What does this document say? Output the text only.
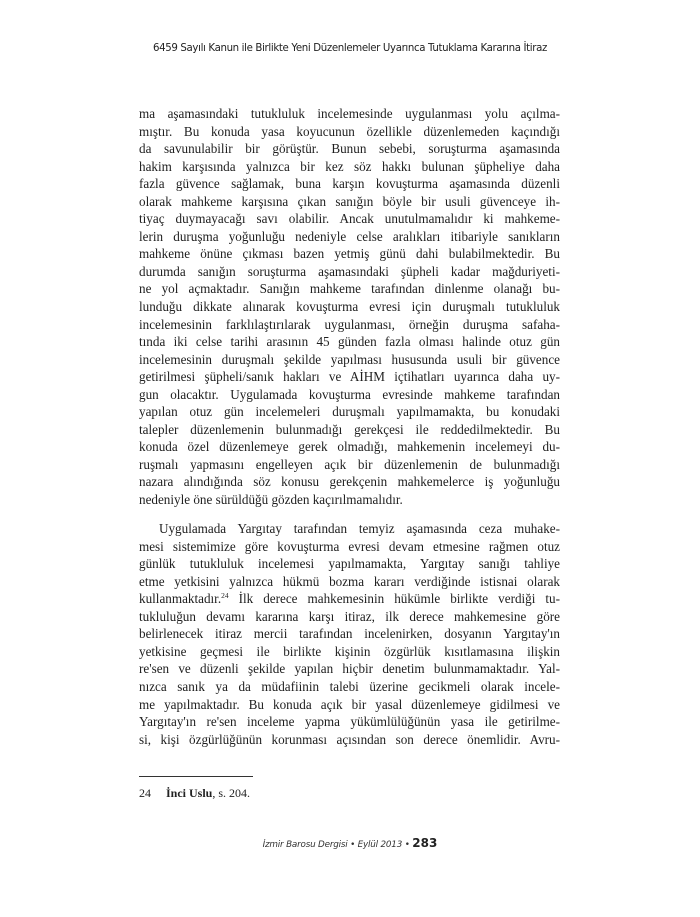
6459 Sayılı Kanun ile Birlikte Yeni Düzenlemeler Uyarınca Tutuklama Kararına İtiraz
ma aşamasındaki tutukluluk incelemesinde uygulanması yolu açılma-
mıştır. Bu konuda yasa koyucunun özellikle düzenlemeden kaçındığı
da savunulabilir bir görüştür. Bunun sebebi, soruşturma aşamasında
hakim karşısında yalnızca bir kez söz hakkı bulunan şüpheliye daha
fazla güvence sağlamak, buna karşın kovuşturma aşamasında düzenli
olarak mahkeme karşısına çıkan sanığın böyle bir usuli güvenceye ih-
tiyaç duymayacağı savı olabilir. Ancak unutulmamalıdır ki mahkeme-
lerin duruşma yoğunluğu nedeniyle celse aralıkları itibariyle sanıkların
mahkeme önüne çıkması bazen yetmiş günü dahi bulabilmektedir. Bu
durumda sanığın soruşturma aşamasındaki şüpheli kadar mağduriyeti-
ne yol açmaktadır. Sanığın mahkeme tarafından dinlenme olanağı bu-
lunduğu dikkate alınarak kovuşturma evresi için duruşmalı tutukluluk
incelemesinin farklılaştırılarak uygulanması, örneğin duruşma safaha-
tında iki celse tarihi arasının 45 günden fazla olması halinde otuz gün
incelemesinin duruşmalı şekilde yapılması hususunda usuli bir güvence
getirilmesi şüpheli/sanık hakları ve AİHM içtihatları uyarınca daha uy-
gun olacaktır. Uygulamada kovuşturma evresinde mahkeme tarafından
yapılan otuz gün incelemeleri duruşmalı yapılmamakta, bu konudaki
talepler düzenlemenin bulunmadığı gerekçesi ile reddedilmektedir. Bu
konuda özel düzenlemeye gerek olmadığı, mahkemenin incelemeyi du-
ruşmalı yapmasını engelleyen açık bir düzenlemenin de bulunmadığı
nazara alındığında söz konusu gerekçenin mahkemelerce iş yoğunluğu
nedeniyle öne sürüldüğü gözden kaçırılmamalıdır.
Uygulamada Yargıtay tarafından temyiz aşamasında ceza muhake-
mesi sistemimize göre kovuşturma evresi devam etmesine rağmen otuz
günlük tutukluluk incelemesi yapılmamakta, Yargıtay sanığı tahliye
etme yetkisini yalnızca hükmü bozma kararı verdiğinde istisnai olarak
kullanmaktadır.$^{24}$ İlk derece mahkemesinin hükümle birlikte verdiği tu-
tukluluğun devamı kararına karşı itiraz, ilk derece mahkemesine göre
belirlenecek itiraz mercii tarafından incelenirken, dosyanın Yargıtay'ın
yetkisine geçmesi ile birlikte kişinin özgürlük kısıtlamasına ilişkin
re'sen ve düzenli şekilde yapılan hiçbir denetim bulunmamaktadır. Yal-
nızca sanık ya da müdafiinin talebi üzerine gecikmeli olarak incele-
me yapılmaktadır. Bu konuda açık bir yasal düzenlemeye gidilmesi ve
Yargıtay'ın re'sen inceleme yapma yükümlülüğünün yasa ile getirilme-
si, kişi özgürlüğünün korunması açısından son derece önemlidir. Avru-
24 İnci Uslu, s. 204.
İzmir Barosu Dergisi • Eylül 2013 • 283
